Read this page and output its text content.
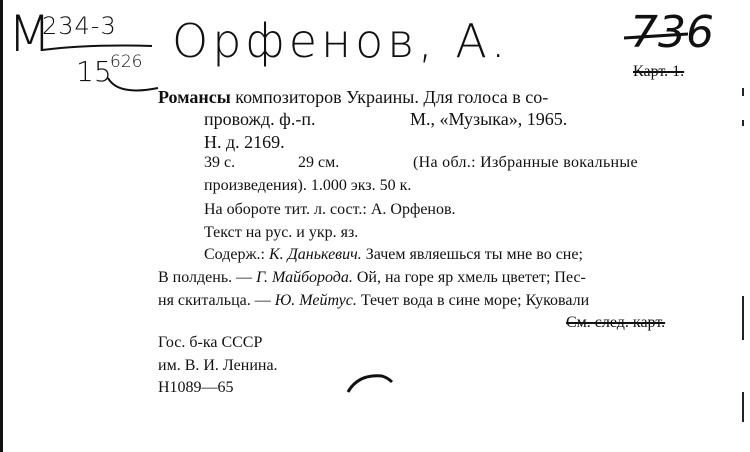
M
234-3
15
626 Орфенов, А.	736
Карт. 1.
Романсы композиторов Украины. Для голоса в со-
провожд. ф.-п.	М., «Музыка», 1965.
Н. д. 2169.
39 с.	29 см.	(На обл.: Избранные вокальные
произведения). 1.000 экз. 50 к.
На обороте тит. л. сост.: А. Орфенов.
Текст на рус. и укр. яз.
Содерж.: К. Данькевич. Зачем являешься ты мне во сне;
В полдень. — Г. Майборода. Ой, на горе яр хмель цветет; Пес-
ня скитальца. — Ю. Мейтус. Течет вода в сине море; Куковали
См. след. карт.
Гос. б-ка СССР
им. В. И. Ленина.
Н1089—65
